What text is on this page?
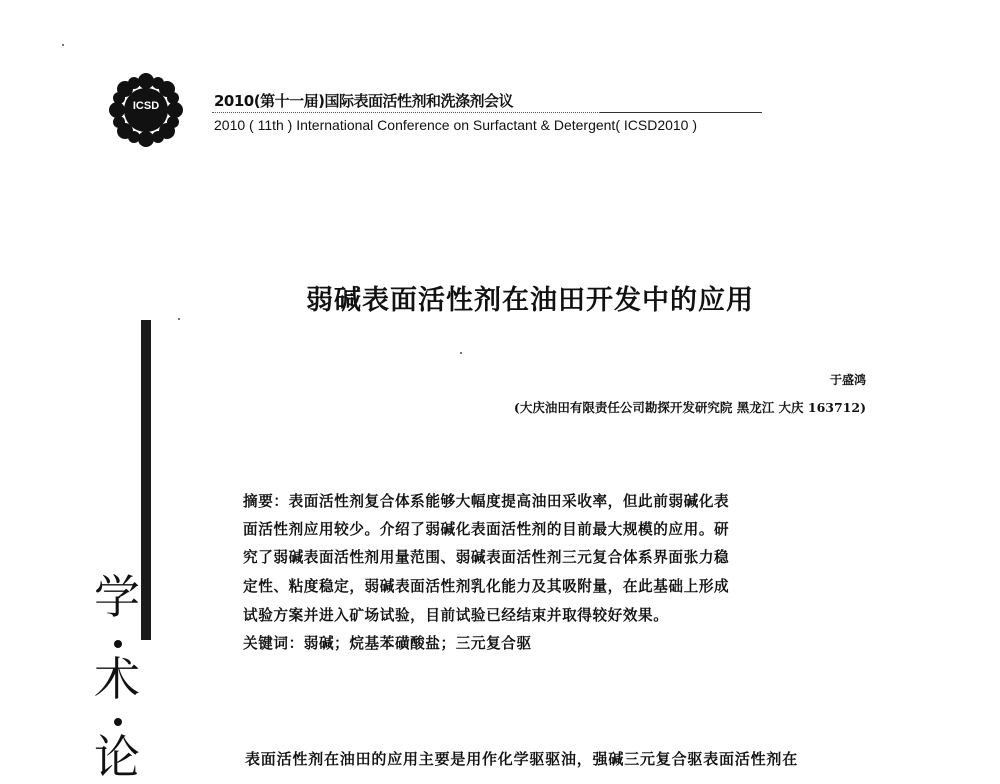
ICSD	2010(第十一届)国际表面活性剂和洗涤剂会议
2010 ( 11th ) International Conference on Surfactant & Detergent( ICSD2010 )
弱碱表面活性剂在油田开发中的应用
于盛鸿
(大庆油田有限责任公司勘探开发研究院 黑龙江 大庆 163712)
摘要：表面活性剂复合体系能够大幅度提高油田采收率，但此前弱碱化表
面活性剂应用较少。介绍了弱碱化表面活性剂的目前最大规模的应用。研
究了弱碱表面活性剂用量范围、弱碱表面活性剂三元复合体系界面张力稳
定性、粘度稳定，弱碱表面活性剂乳化能力及其吸附量，在此基础上形成
试验方案并进入矿场试验，目前试验已经结束并取得较好效果。
关键词：弱碱；烷基苯磺酸盐；三元复合驱
学
术
论	表面活性剂在油田的应用主要是用作化学驱驱油，强碱三元复合驱表面活性剂在
